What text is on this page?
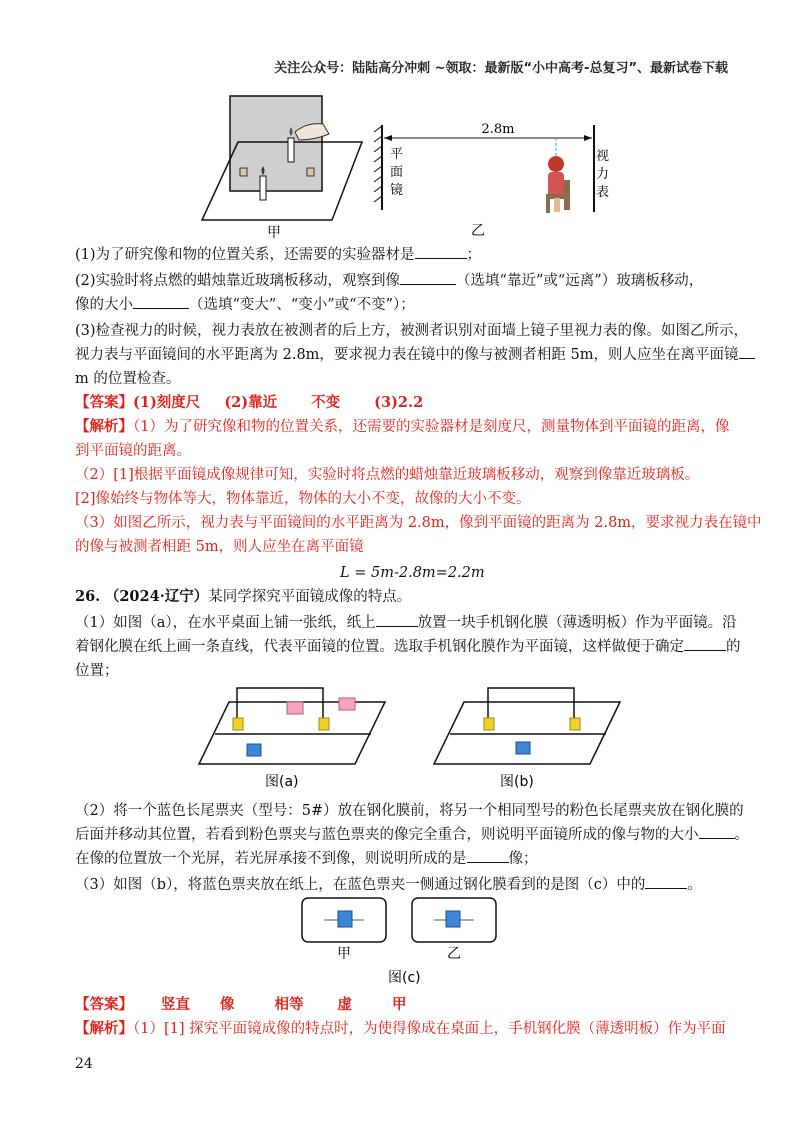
关注公众号：陆陆高分冲刺 ~领取：最新版“小中高考-总复习”、最新试卷下载
甲
平
面
镜
2.8m
视
力
表
乙
(1)为了研究像和物的位置关系，还需要的实验器材是	；
(2)实验时将点燃的蜡烛靠近玻璃板移动，观察到像	（选填“靠近”或“远离”）玻璃板移动，
像的大小	（选填“变大”、“变小”或“不变”）；
(3)检查视力的时候，视力表放在被测者的后上方，被测者识别对面墙上镜子里视力表的像。如图乙所示，
视力表与平面镜间的水平距离为 2.8m，要求视力表在镜中的像与被测者相距 5m，则人应坐在离平面镜
m 的位置检查。
【答案】(1)刻度尺 (2)靠近 不变 (3)2.2
【解析】（1）为了研究像和物的位置关系，还需要的实验器材是刻度尺，测量物体到平面镜的距离，像
到平面镜的距离。
（2）[1]根据平面镜成像规律可知，实验时将点燃的蜡烛靠近玻璃板移动，观察到像靠近玻璃板。
[2]像始终与物体等大，物体靠近，物体的大小不变，故像的大小不变。
（3）如图乙所示，视力表与平面镜间的水平距离为 2.8m，像到平面镜的距离为 2.8m，要求视力表在镜中
的像与被测者相距 5m，则人应坐在离平面镜
L = 5m-2.8m=2.2m
26. （2024·辽宁）某同学探究平面镜成像的特点。
（1）如图（a），在水平桌面上铺一张纸，纸上	放置一块手机钢化膜（薄透明板）作为平面镜。沿
着钢化膜在纸上画一条直线，代表平面镜的位置。选取手机钢化膜作为平面镜，这样做便于确定	的
位置；
图(a)	图(b)
（2）将一个蓝色长尾票夹（型号：5#）放在钢化膜前，将另一个相同型号的粉色长尾票夹放在钢化膜的
后面并移动其位置，若看到粉色票夹与蓝色票夹的像完全重合，则说明平面镜所成的像与物的大小 。
在像的位置放一个光屏，若光屏承接不到像，则说明所成的是	像；
（3）如图（b），将蓝色票夹放在纸上，在蓝色票夹一侧通过钢化膜看到的是图（c）中的	。
甲	乙
图(c)
【答案】 竖直 像	相等 虚	甲
【解析】（1）[1] 探究平面镜成像的特点时，为使得像成在桌面上，手机钢化膜（薄透明板）作为平面
24
